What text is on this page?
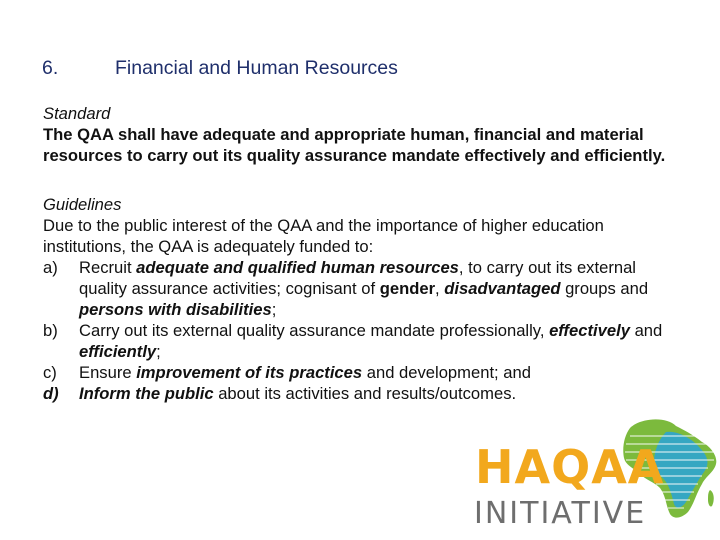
6.	Financial and Human Resources

Standard

The QAA shall have adequate and appropriate human, financial and material resources to carry out its quality assurance mandate effectively and efficiently.

Guidelines

Due to the public interest of the QAA and the importance of higher education institutions, the QAA is adequately funded to:

a) Recruit adequate and qualified human resources, to carry out its external quality assurance activities; cognisant of gender, disadvantaged groups and persons with disabilities;
b) Carry out its external quality assurance mandate professionally, effectively and efficiently;
c) Ensure improvement of its practices and development; and
d) Inform the public about its activities and results/outcomes.
HAQAA
INITIATIVE
